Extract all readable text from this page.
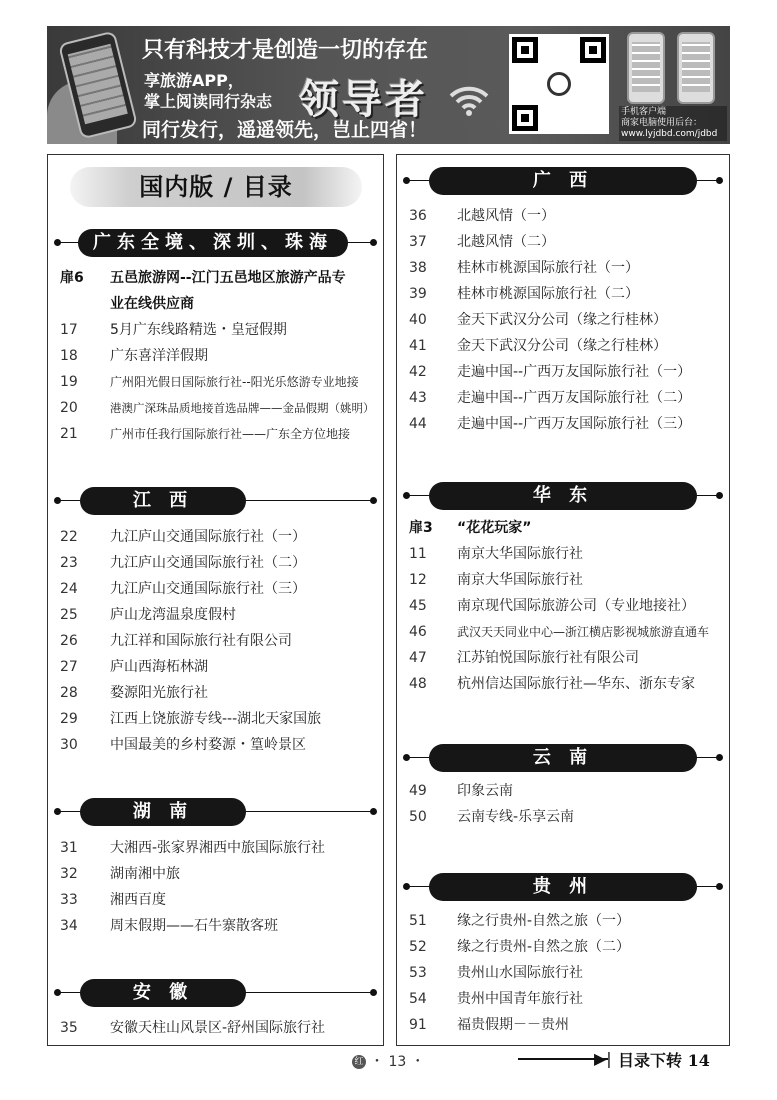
只有科技才是创造一切的存在
享旅游APP，
掌上阅读同行杂志 领导者
同行发行，遥遥领先，岂止四省！
手机客户端
商家电脑使用后台：
www.lyjdbd.com/jdbd
国内版 / 目录
广东全境、深圳、珠海
扉6 五邑旅游网--江门五邑地区旅游产品专
业在线供应商
17 5月广东线路精选・皇冠假期
18 广东喜洋洋假期
19	广州阳光假日国际旅行社--阳光乐悠游专业地接
20	港澳广深珠品质地接首选品牌——金品假期（姚明）
21	广州市任我行国际旅行社——广东全方位地接
江 西
22 九江庐山交通国际旅行社（一）
23 九江庐山交通国际旅行社（二）
24 九江庐山交通国际旅行社（三）
25 庐山龙湾温泉度假村
26 九江祥和国际旅行社有限公司
27 庐山西海柘林湖
28 婺源阳光旅行社
29 江西上饶旅游专线---湖北天家国旅
30 中国最美的乡村婺源・篁岭景区
湖 南
31 大湘西-张家界湘西中旅国际旅行社
32 湖南湘中旅
33 湘西百度
34 周末假期——石牛寨散客班
安 徽
35 安徽天柱山风景区-舒州国际旅行社
广 西
36 北越风情（一）
37 北越风情（二）
38 桂林市桃源国际旅行社（一）
39 桂林市桃源国际旅行社（二）
40 金天下武汉分公司（缘之行桂林）
41 金天下武汉分公司（缘之行桂林）
42 走遍中国--广西万友国际旅行社（一）
43 走遍中国--广西万友国际旅行社（二）
44 走遍中国--广西万友国际旅行社（三）
华 东
扉3 “花花玩家”
11 南京大华国际旅行社
12 南京大华国际旅行社
45 南京现代国际旅游公司（专业地接社）
46	武汉天天同业中心—浙江横店影视城旅游直通车
47 江苏铂悦国际旅行社有限公司
48 杭州信达国际旅行社—华东、浙东专家
云 南
49 印象云南
50 云南专线-乐享云南
贵 州
51 缘之行贵州-自然之旅（一）
52 缘之行贵州-自然之旅（二）
53 贵州山水国际旅行社
54 贵州中国青年旅行社
91 福贵假期－－贵州
红 ・ 13 ・	▶| 目录下转 14
